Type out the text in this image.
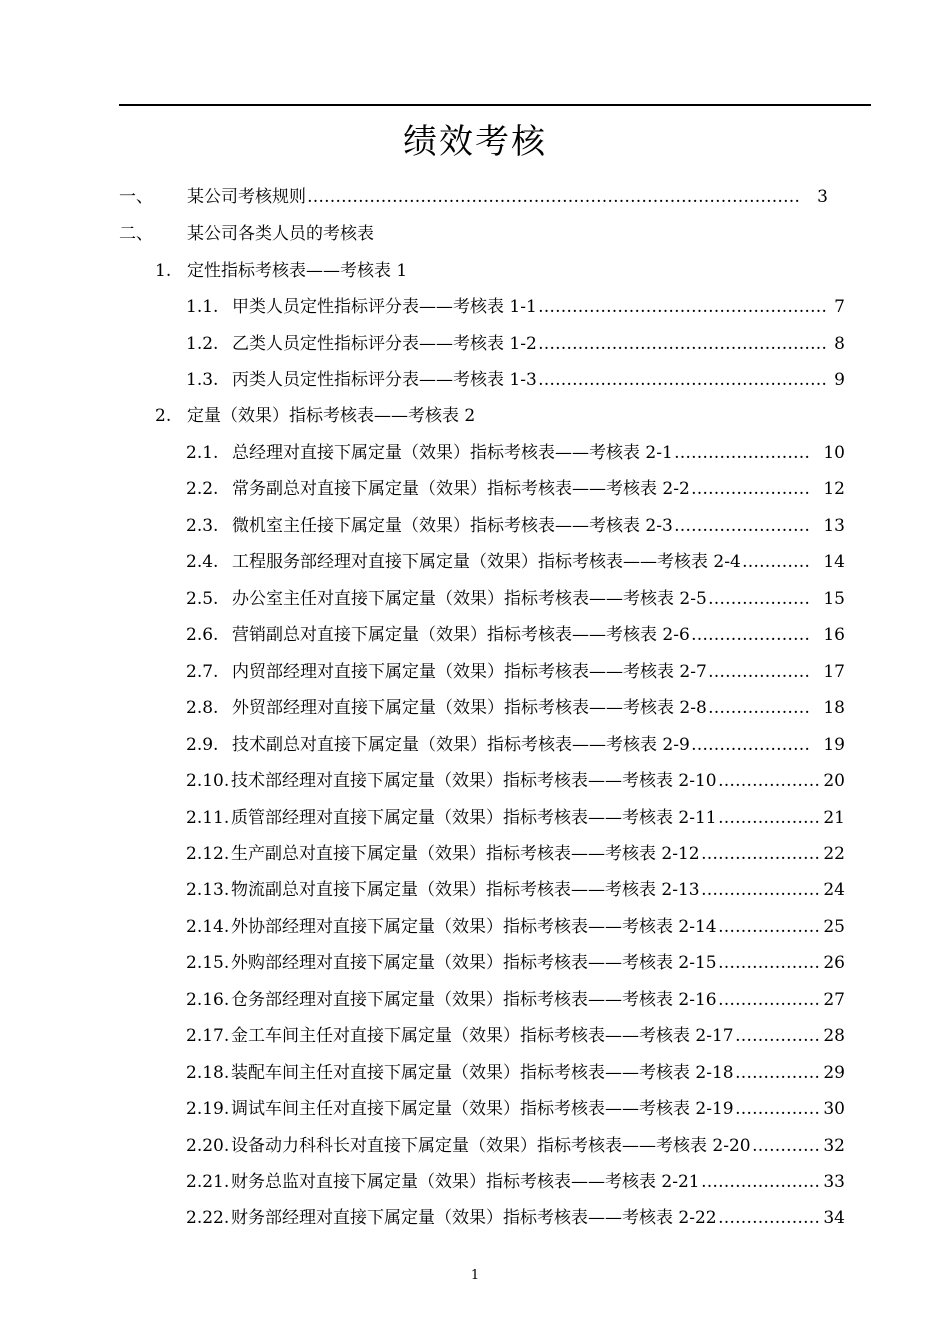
绩效考核
一、 某公司考核规则 ……………………………………………………………………………	3
二、 某公司各类人员的考核表
1. 定性指标考核表——考核表 1
1.1. 甲类人员定性指标评分表——考核表 1-1 …………………………………………… 7
1.2. 乙类人员定性指标评分表——考核表 1-2 …………………………………………… 8
1.3. 丙类人员定性指标评分表——考核表 1-3 …………………………………………… 9
2. 定量（效果）指标考核表——考核表 2
2.1. 总经理对直接下属定量（效果）指标考核表——考核表 2-1 …………………… 10
2.2. 常务副总对直接下属定量（效果）指标考核表——考核表 2-2 ………………… 12
2.3. 微机室主任接下属定量（效果）指标考核表——考核表 2-3 …………………… 13
2.4. 工程服务部经理对直接下属定量（效果）指标考核表——考核表 2-4 ………… 14
2.5. 办公室主任对直接下属定量（效果）指标考核表——考核表 2-5 ……………… 15
2.6. 营销副总对直接下属定量（效果）指标考核表——考核表 2-6 ………………… 16
2.7. 内贸部经理对直接下属定量（效果）指标考核表——考核表 2-7 ……………… 17
2.8. 外贸部经理对直接下属定量（效果）指标考核表——考核表 2-8 ……………… 18
2.9. 技术副总对直接下属定量（效果）指标考核表——考核表 2-9 ………………… 19
2.10. 技术部经理对直接下属定量（效果）指标考核表——考核表 2-10 ……………… 20
2.11. 质管部经理对直接下属定量（效果）指标考核表——考核表 2-11 ……………… 21
2.12. 生产副总对直接下属定量（效果）指标考核表——考核表 2-12 ………………… 22
2.13. 物流副总对直接下属定量（效果）指标考核表——考核表 2-13 ………………… 24
2.14. 外协部经理对直接下属定量（效果）指标考核表——考核表 2-14 ……………… 25
2.15. 外购部经理对直接下属定量（效果）指标考核表——考核表 2-15 ……………… 26
2.16. 仓务部经理对直接下属定量（效果）指标考核表——考核表 2-16 ……………… 27
2.17. 金工车间主任对直接下属定量（效果）指标考核表——考核表 2-17 …………… 28
2.18. 装配车间主任对直接下属定量（效果）指标考核表——考核表 2-18 …………… 29
2.19. 调试车间主任对直接下属定量（效果）指标考核表——考核表 2-19 …………… 30
2.20. 设备动力科科长对直接下属定量（效果）指标考核表——考核表 2-20 ………… 32
2.21. 财务总监对直接下属定量（效果）指标考核表——考核表 2-21 ………………… 33
2.22. 财务部经理对直接下属定量（效果）指标考核表——考核表 2-22 ……………… 34
1
